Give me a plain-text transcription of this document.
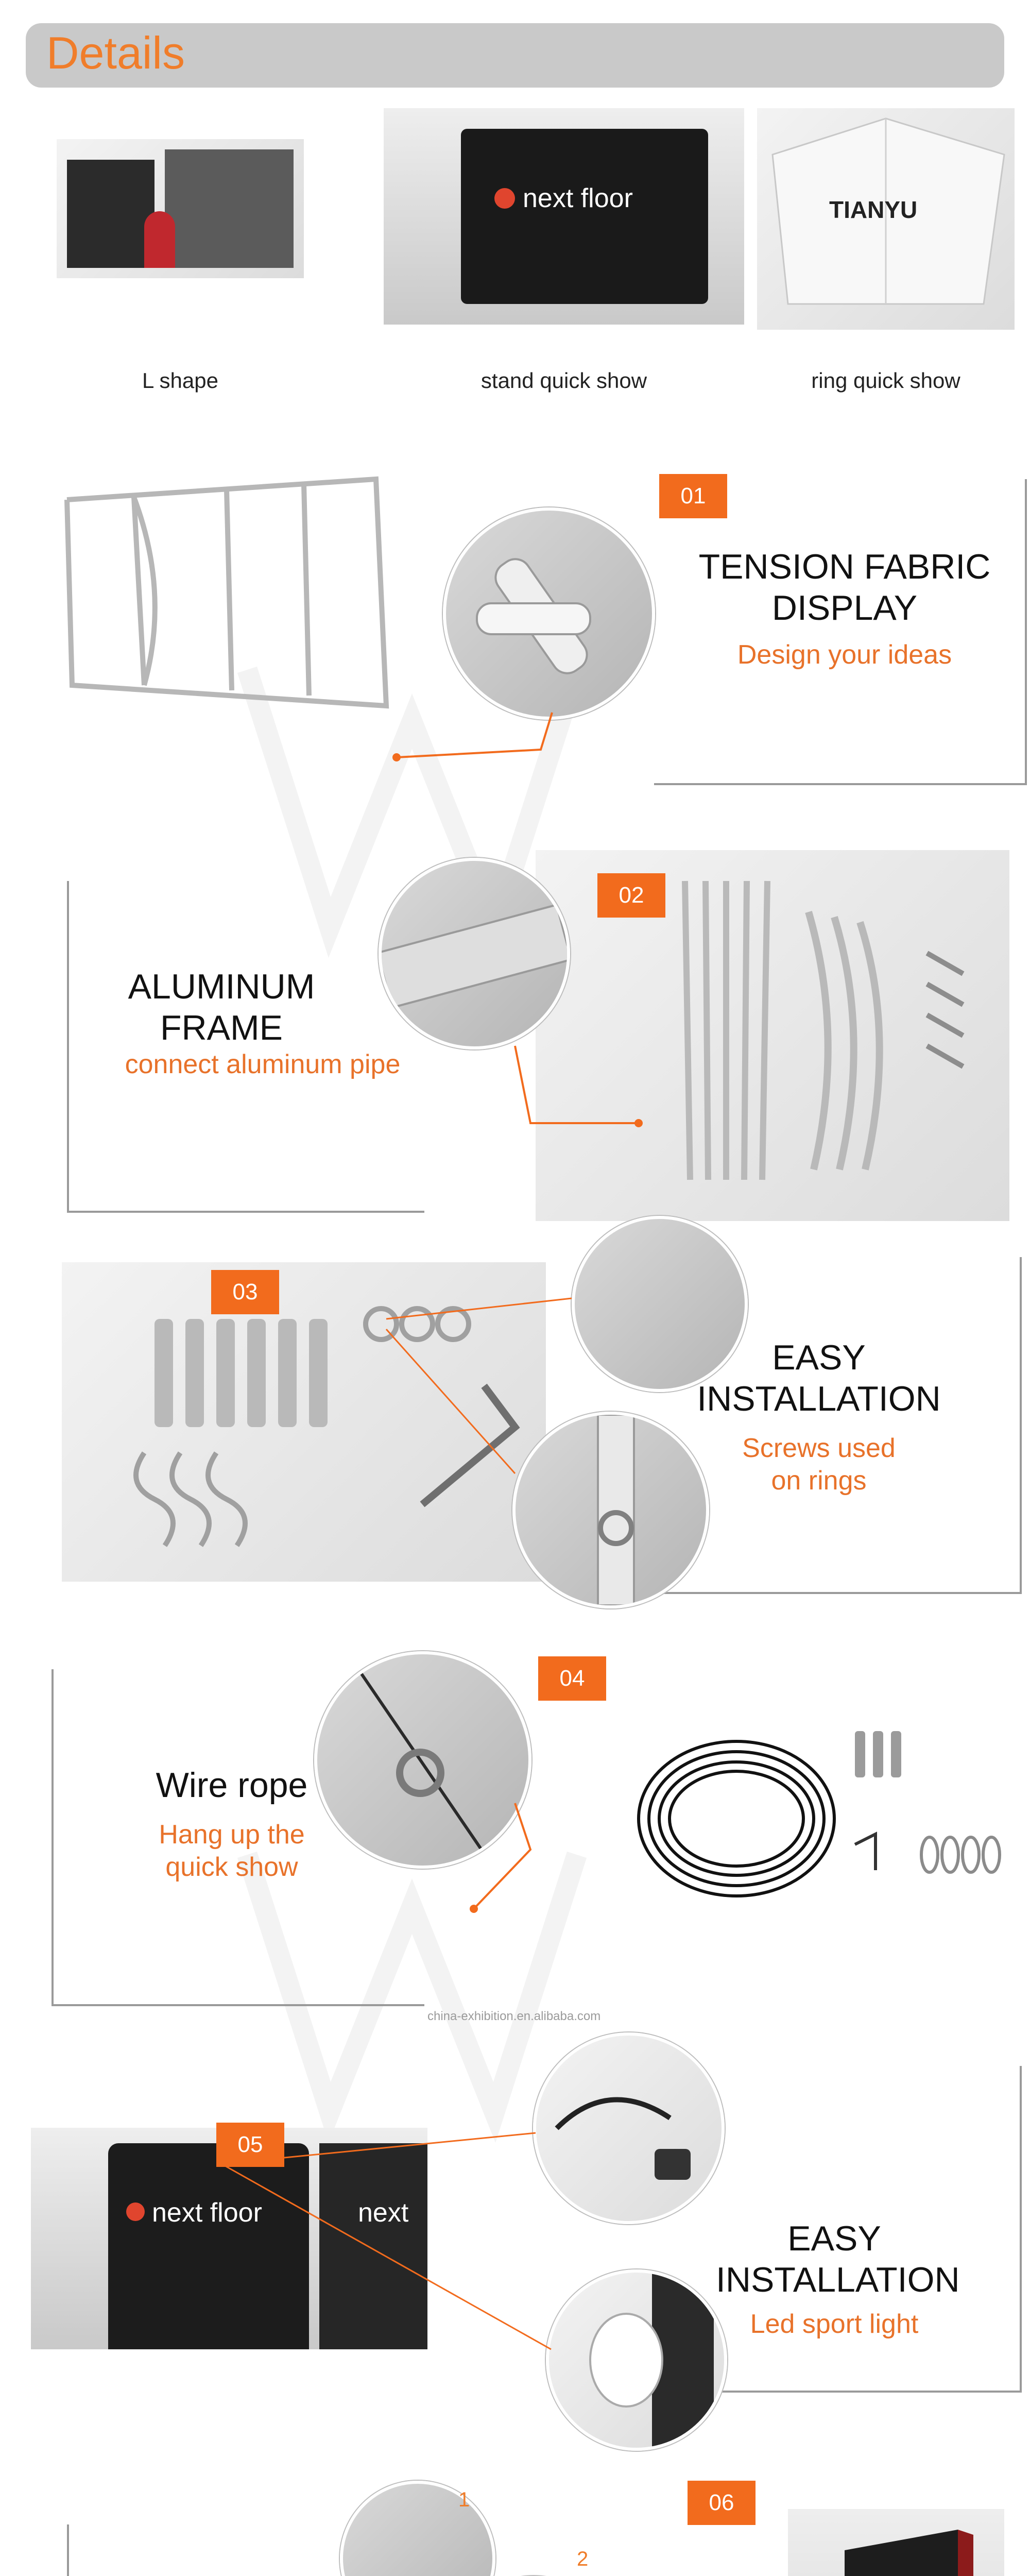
Details
L shape
next floor
stand quick show
TIANYU
ring quick show
01
TENSION FABRIC
DISPLAY
Design your ideas
02
ALUMINUM
FRAME
connect aluminum pipe
03
EASY
INSTALLATION
Screws used
on rings
04
Wire rope
Hang up the
quick show
china-exhibition.en.alibaba.com
next floor	next
05
EASY
INSTALLATION
Led sport light
1
2
06
